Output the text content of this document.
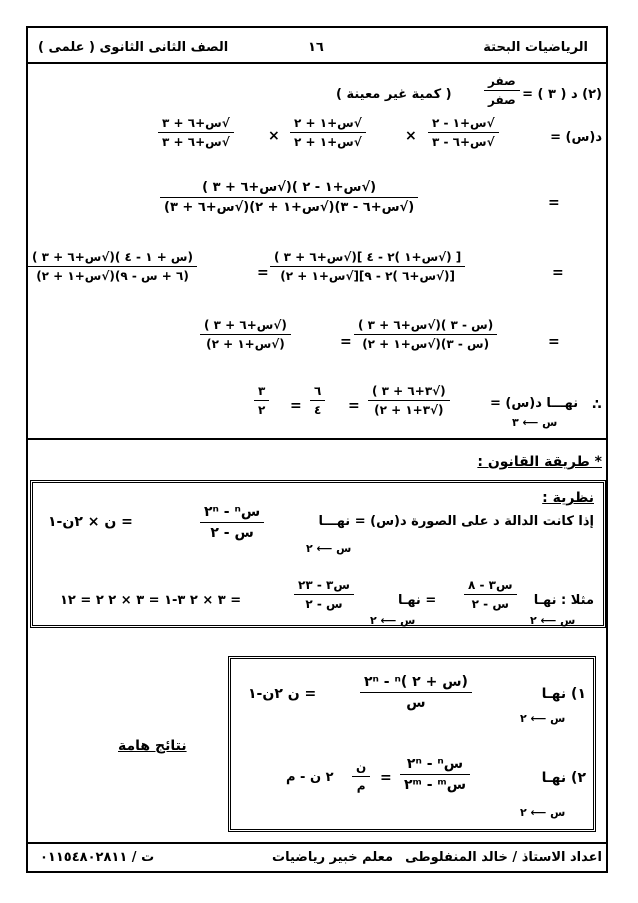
الرياضيات البحتة
١٦
الصف الثانى الثانوى ( علمى )
(٢) د ( ٣ ) =
صفر
صفر
( كمية غير معينة )
د(س) =
√س+١ - ٢
√س+٦ - ٣
×
√س+١ + ٢
√س+١ + ٢
×
√س+٦ + ٣
√س+٦ + ٣
=
(√س+١ - ٢ )(√س+٦ + ٣ )
(√س+٦ - ٣)(√س+١ + ٢)(√س+٦ + ٣)
=
[ (√س+١ )٢ - ٤ ](√س+٦ + ٣ )
[(√س+٦ )٢ - ٩][√س+١ + ٢)
=
(س + ١ - ٤ )(√س+٦ + ٣ )
(٦ + س - ٩)(√س+١ + ٢)
=
(س - ٣ )(√س+٦ + ٣ )
(س - ٣)(√س+١ + ٢)
=
(√س+٦ + ٣ )
(√س+١ + ٢)
∴
نهـــا د(س) =
س ⟵ ٣
(√٣+٦ + ٣ )
(√٣+١ + ٢)
=
٦
٤
=
٣
٢
* طريقة القانون :
نظرية :
إذا كانت الدالة د على الصورة د(س) = نهـــا
س ⟵ ٢
سⁿ - ٢ⁿ
س - ٢
= ن × ٢ن-١
مثلا : نهـا
س ⟵ ٢
س٣ - ٨
س - ٢
= نهـا
س ⟵ ٢
س٣ - ٢٣
س - ٢
= ٣ × ٢ ٣-١ = ٣ × ٢ ٢ = ١٢
نتائج هامة
١) نهـا
س ⟵ ٢
(س + ٢ )ⁿ - ٢ⁿ
س
= ن ٢ن-١
٢) نهـا
س ⟵ ٢
سⁿ - ٢ⁿ
سᵐ - ٢ᵐ
=
ن
م
٢ ن - م
اعداد الاستاذ / خالد المنفلوطى
معلم خبير رياضيات
ت / ٠١١٥٤٨٠٢٨١١
